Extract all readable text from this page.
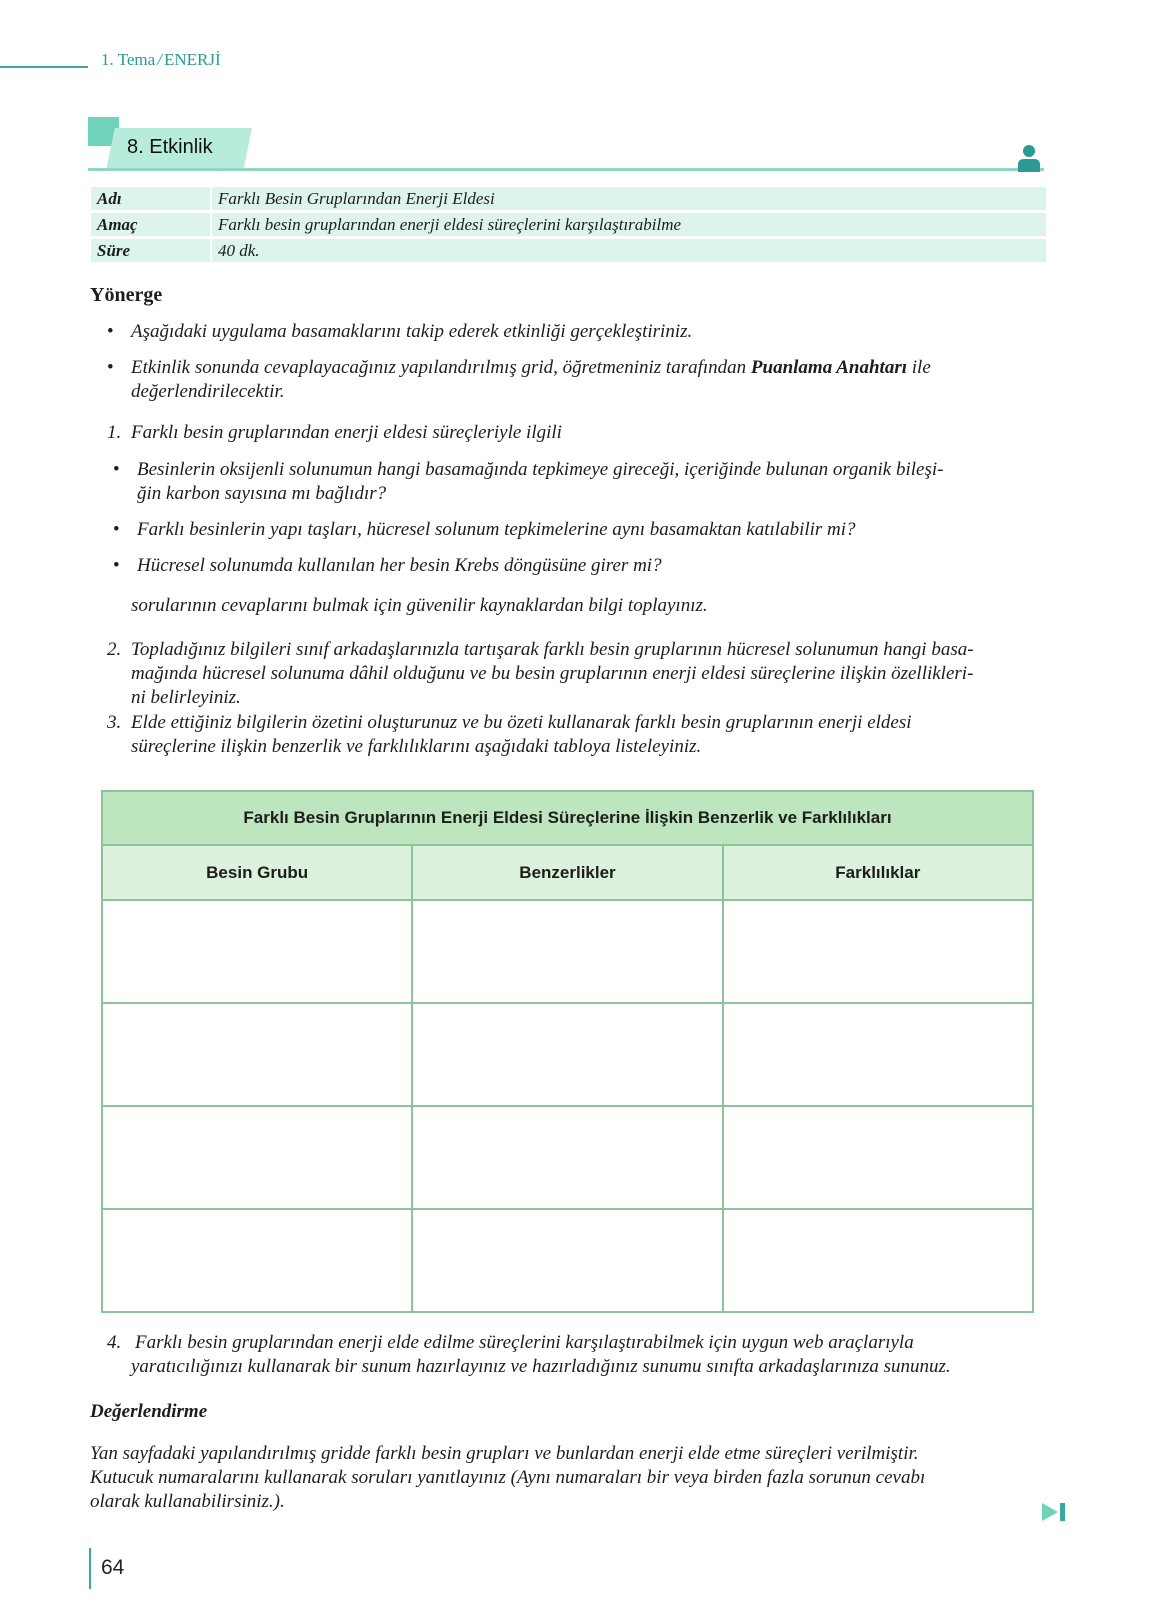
1. Tema / ENERJİ
8. Etkinlik
Adı		Farklı Besin Gruplarından Enerji Eldesi
Amaç		Farklı besin gruplarından enerji eldesi süreçlerini karşılaştırabilme
Süre		40 dk.
Yönerge
• Aşağıdaki uygulama basamaklarını takip ederek etkinliği gerçekleştiriniz.
• Etkinlik sonunda cevaplayacağınız yapılandırılmış grid, öğretmeniniz tarafından Puanlama Anahtarı ile
değerlendirilecektir.
1. Farklı besin gruplarından enerji eldesi süreçleriyle ilgili
• Besinlerin oksijenli solunumun hangi basamağında tepkimeye gireceği, içeriğinde bulunan organik bileşi-
ğin karbon sayısına mı bağlıdır?
• Farklı besinlerin yapı taşları, hücresel solunum tepkimelerine aynı basamaktan katılabilir mi?
• Hücresel solunumda kullanılan her besin Krebs döngüsüne girer mi?
sorularının cevaplarını bulmak için güvenilir kaynaklardan bilgi toplayınız.
2. Topladığınız bilgileri sınıf arkadaşlarınızla tartışarak farklı besin gruplarının hücresel solunumun hangi basa-
mağında hücresel solunuma dâhil olduğunu ve bu besin gruplarının enerji eldesi süreçlerine ilişkin özellikleri-
ni belirleyiniz.
3. Elde ettiğiniz bilgilerin özetini oluşturunuz ve bu özeti kullanarak farklı besin gruplarının enerji eldesi
süreçlerine ilişkin benzerlik ve farklılıklarını aşağıdaki tabloya listeleyiniz.
Farklı Besin Gruplarının Enerji Eldesi Süreçlerine İlişkin Benzerlik ve Farklılıkları		
Besin Grubu	Benzerlikler	Farklılıklar

4. Farklı besin gruplarından enerji elde edilme süreçlerini karşılaştırabilmek için uygun web araçlarıyla
yaratıcılığınızı kullanarak bir sunum hazırlayınız ve hazırladığınız sunumu sınıfta arkadaşlarınıza sununuz.
Değerlendirme
Yan sayfadaki yapılandırılmış gridde farklı besin grupları ve bunlardan enerji elde etme süreçleri verilmiştir.
Kutucuk numaralarını kullanarak soruları yanıtlayınız (Aynı numaraları bir veya birden fazla sorunun cevabı
olarak kullanabilirsiniz.).
64
